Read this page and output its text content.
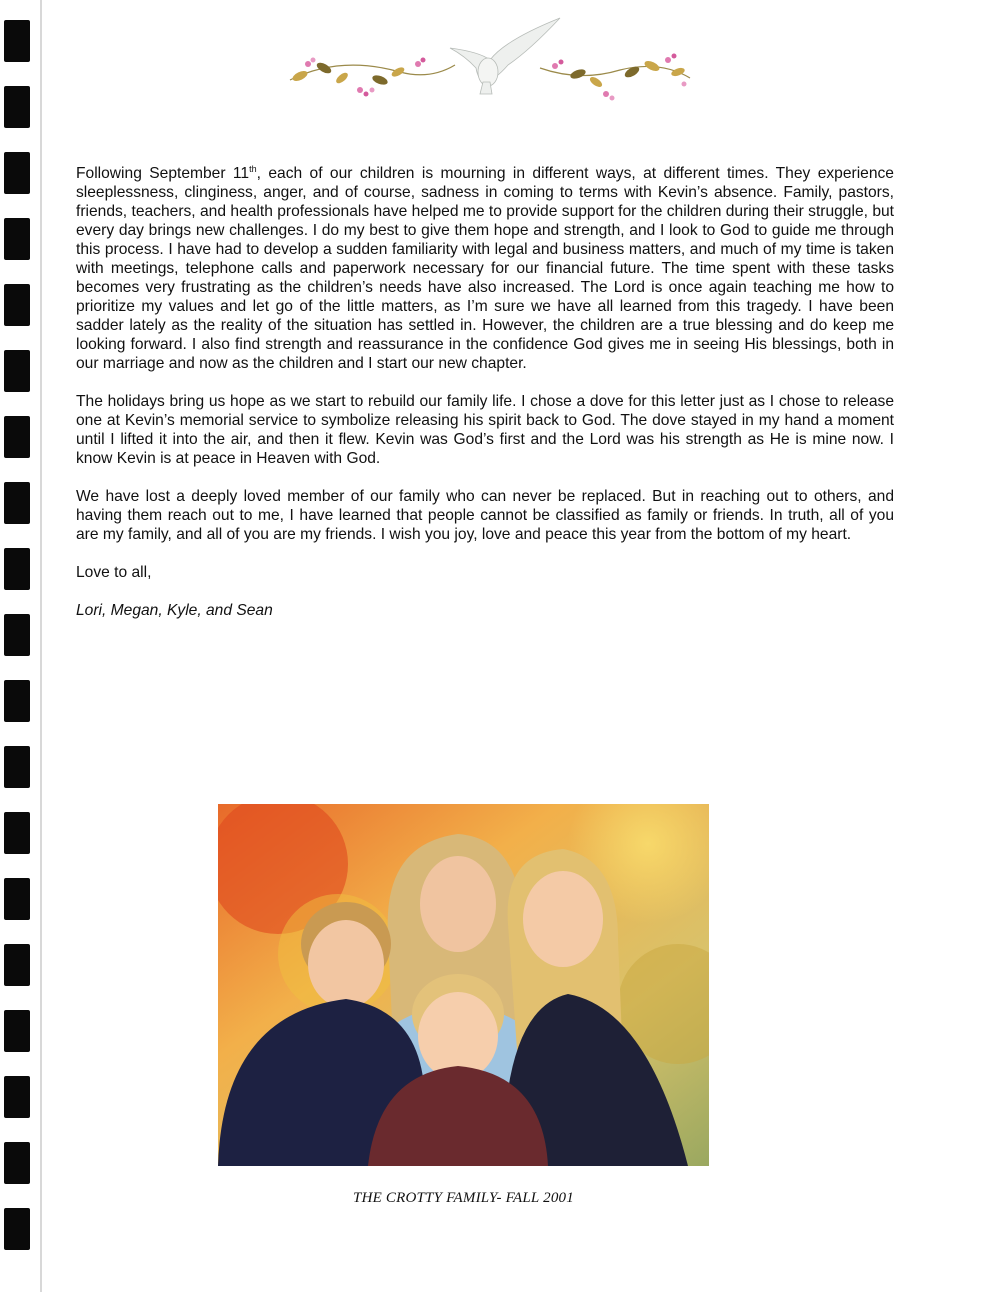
Following September 11th, each of our children is mourning in different ways, at different times. They experience sleeplessness, clinginess, anger, and of course, sadness in coming to terms with Kevin’s absence. Family, pastors, friends, teachers, and health professionals have helped me to provide support for the children during their struggle, but every day brings new challenges. I do my best to give them hope and strength, and I look to God to guide me through this process. I have had to develop a sudden familiarity with legal and business matters, and much of my time is taken with meetings, telephone calls and paperwork necessary for our financial future. The time spent with these tasks becomes very frustrating as the children’s needs have also increased. The Lord is once again teaching me how to prioritize my values and let go of the little matters, as I’m sure we have all learned from this tragedy. I have been sadder lately as the reality of the situation has settled in. However, the children are a true blessing and do keep me looking forward. I also find strength and reassurance in the confidence God gives me in seeing His blessings, both in our marriage and now as the children and I start our new chapter.

The holidays bring us hope as we start to rebuild our family life. I chose a dove for this letter just as I chose to release one at Kevin’s memorial service to symbolize releasing his spirit back to God. The dove stayed in my hand a moment until I lifted it into the air, and then it flew. Kevin was God’s first and the Lord was his strength as He is mine now. I know Kevin is at peace in Heaven with God.

We have lost a deeply loved member of our family who can never be replaced. But in reaching out to others, and having them reach out to me, I have learned that people cannot be classified as family or friends. In truth, all of you are my family, and all of you are my friends. I wish you joy, love and peace this year from the bottom of my heart.

Love to all,

Lori, Megan, Kyle, and Sean

THE CROTTY FAMILY- FALL 2001
